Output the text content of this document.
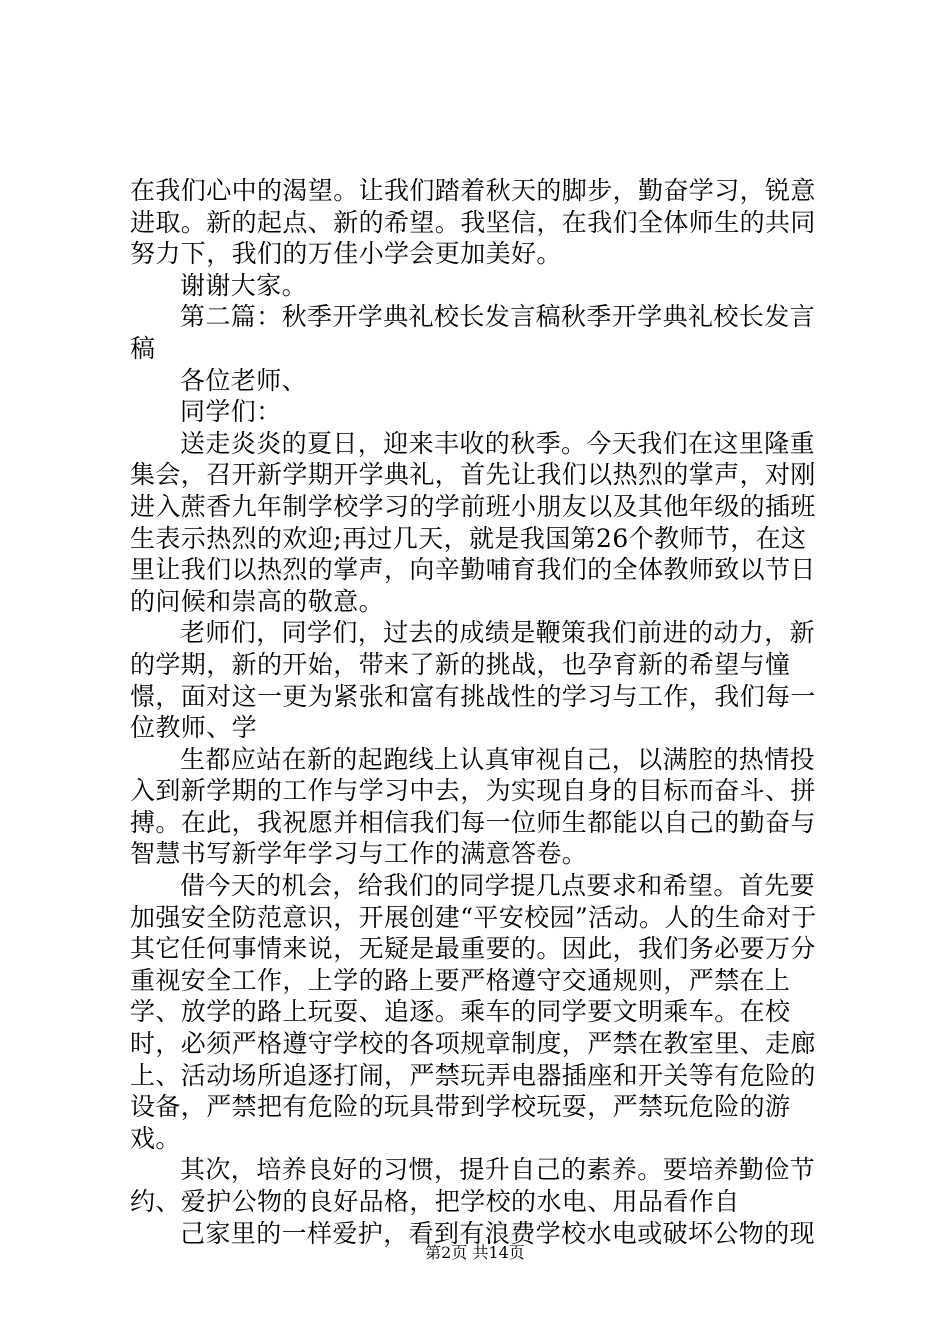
在我们心中的渴望。让我们踏着秋天的脚步，勤奋学习，锐意进取。新的起点、新的希望。我坚信，在我们全体师生的共同努力下，我们的万佳小学会更加美好。

谢谢大家。

第二篇：秋季开学典礼校长发言稿秋季开学典礼校长发言稿

各位老师、

同学们：

送走炎炎的夏日，迎来丰收的秋季。今天我们在这里隆重集会，召开新学期开学典礼，首先让我们以热烈的掌声，对刚进入蔗香九年制学校学习的学前班小朋友以及其他年级的插班生表示热烈的欢迎;再过几天，就是我国第26个教师节，在这里让我们以热烈的掌声，向辛勤哺育我们的全体教师致以节日的问候和崇高的敬意。

老师们，同学们，过去的成绩是鞭策我们前进的动力，新的学期，新的开始，带来了新的挑战，也孕育新的希望与憧憬，面对这一更为紧张和富有挑战性的学习与工作，我们每一位教师、学

生都应站在新的起跑线上认真审视自己，以满腔的热情投入到新学期的工作与学习中去，为实现自身的目标而奋斗、拼搏。在此，我祝愿并相信我们每一位师生都能以自己的勤奋与智慧书写新学年学习与工作的满意答卷。

借今天的机会，给我们的同学提几点要求和希望。首先要加强安全防范意识，开展创建“平安校园”活动。人的生命对于其它任何事情来说，无疑是最重要的。因此，我们务必要万分重视安全工作，上学的路上要严格遵守交通规则，严禁在上学、放学的路上玩耍、追逐。乘车的同学要文明乘车。在校时，必须严格遵守学校的各项规章制度，严禁在教室里、走廊上、活动场所追逐打闹，严禁玩弄电器插座和开关等有危险的设备，严禁把有危险的玩具带到学校玩耍，严禁玩危险的游戏。

其次，培养良好的习惯，提升自己的素养。要培养勤俭节约、爱护公物的良好品格，把学校的水电、用品看作自

己家里的一样爱护，看到有浪费学校水电或破坏公物的现

第2页 共14页
